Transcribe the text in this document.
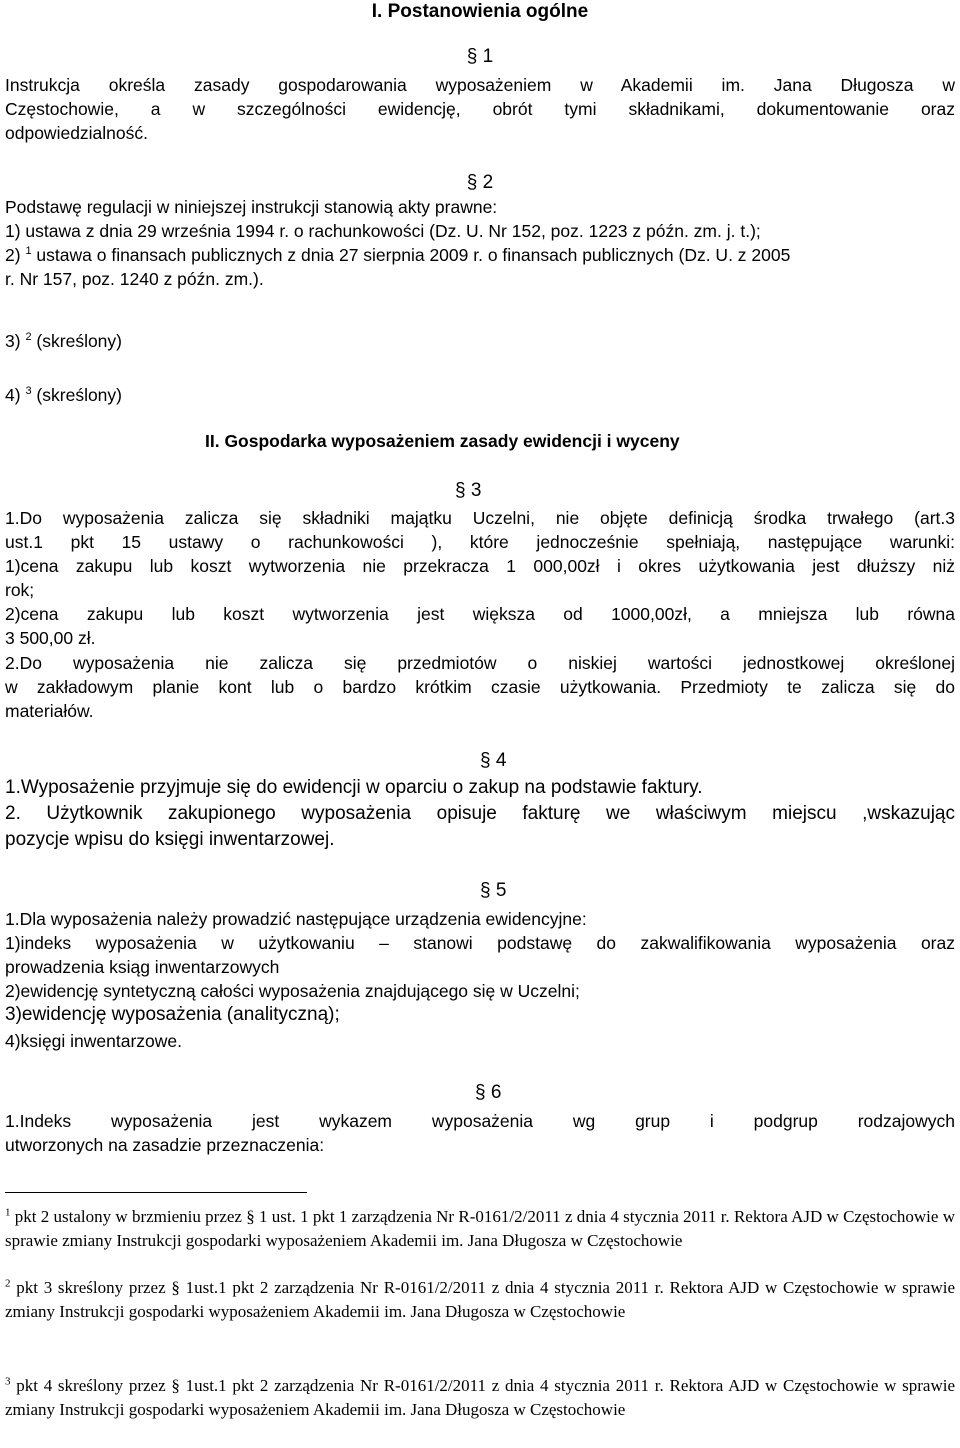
I. Postanowienia ogólne
§ 1
Instrukcja określa zasady gospodarowania wyposażeniem w Akademii im. Jana Długosza w
Częstochowie, a w szczególności ewidencję, obrót tymi składnikami, dokumentowanie oraz
odpowiedzialność.
§ 2
Podstawę regulacji w niniejszej instrukcji stanowią akty prawne:
1) ustawa z dnia 29 września 1994 r. o rachunkowości (Dz. U. Nr 152, poz. 1223 z późn. zm. j. t.);
2) $^1$ ustawa o finansach publicznych z dnia 27 sierpnia 2009 r. o finansach publicznych (Dz. U. z 2005
r. Nr 157, poz. 1240 z późn. zm.).
3) $^2$ (skreślony)
4) $^3$ (skreślony)
II. Gospodarka wyposażeniem zasady ewidencji i wyceny
§ 3
1.Do wyposażenia zalicza się składniki majątku Uczelni, nie objęte definicją środka trwałego (art.3
ust.1 pkt 15 ustawy o rachunkowości ), które jednocześnie spełniają, następujące warunki:
1)cena zakupu lub koszt wytworzenia nie przekracza 1 000,00zł i okres użytkowania jest dłuższy niż
rok;
2)cena zakupu lub koszt wytworzenia jest większa od 1000,00zł, a mniejsza lub równa
3 500,00 zł.
2.Do wyposażenia nie zalicza się przedmiotów o niskiej wartości jednostkowej określonej
w zakładowym planie kont lub o bardzo krótkim czasie użytkowania. Przedmioty te zalicza się do
materiałów.
§ 4
1.Wyposażenie przyjmuje się do ewidencji w oparciu o zakup na podstawie faktury.
2. Użytkownik zakupionego wyposażenia opisuje fakturę we właściwym miejscu ,wskazując
pozycje wpisu do księgi inwentarzowej.
§ 5
1.Dla wyposażenia należy prowadzić następujące urządzenia ewidencyjne:
1)indeks wyposażenia w użytkowaniu – stanowi podstawę do zakwalifikowania wyposażenia oraz
prowadzenia ksiąg inwentarzowych
2)ewidencję syntetyczną całości wyposażenia znajdującego się w Uczelni;
3)ewidencję wyposażenia (analityczną);
4)księgi inwentarzowe.
§ 6
1.Indeks wyposażenia jest wykazem wyposażenia wg grup i podgrup rodzajowych
utworzonych na zasadzie przeznaczenia:
$^1$ pkt 2 ustalony w brzmieniu przez § 1 ust. 1 pkt 1 zarządzenia Nr R-0161/2/2011 z dnia 4 stycznia 2011 r. Rektora AJD w Częstochowie w sprawie zmiany Instrukcji gospodarki wyposażeniem Akademii im. Jana Długosza w Częstochowie
$^2$ pkt 3 skreślony przez § 1ust.1 pkt 2 zarządzenia Nr R-0161/2/2011 z dnia 4 stycznia 2011 r. Rektora AJD w Częstochowie w sprawie zmiany Instrukcji gospodarki wyposażeniem Akademii im. Jana Długosza w Częstochowie
$^3$ pkt 4 skreślony przez § 1ust.1 pkt 2 zarządzenia Nr R-0161/2/2011 z dnia 4 stycznia 2011 r. Rektora AJD w Częstochowie w sprawie zmiany Instrukcji gospodarki wyposażeniem Akademii im. Jana Długosza w Częstochowie
